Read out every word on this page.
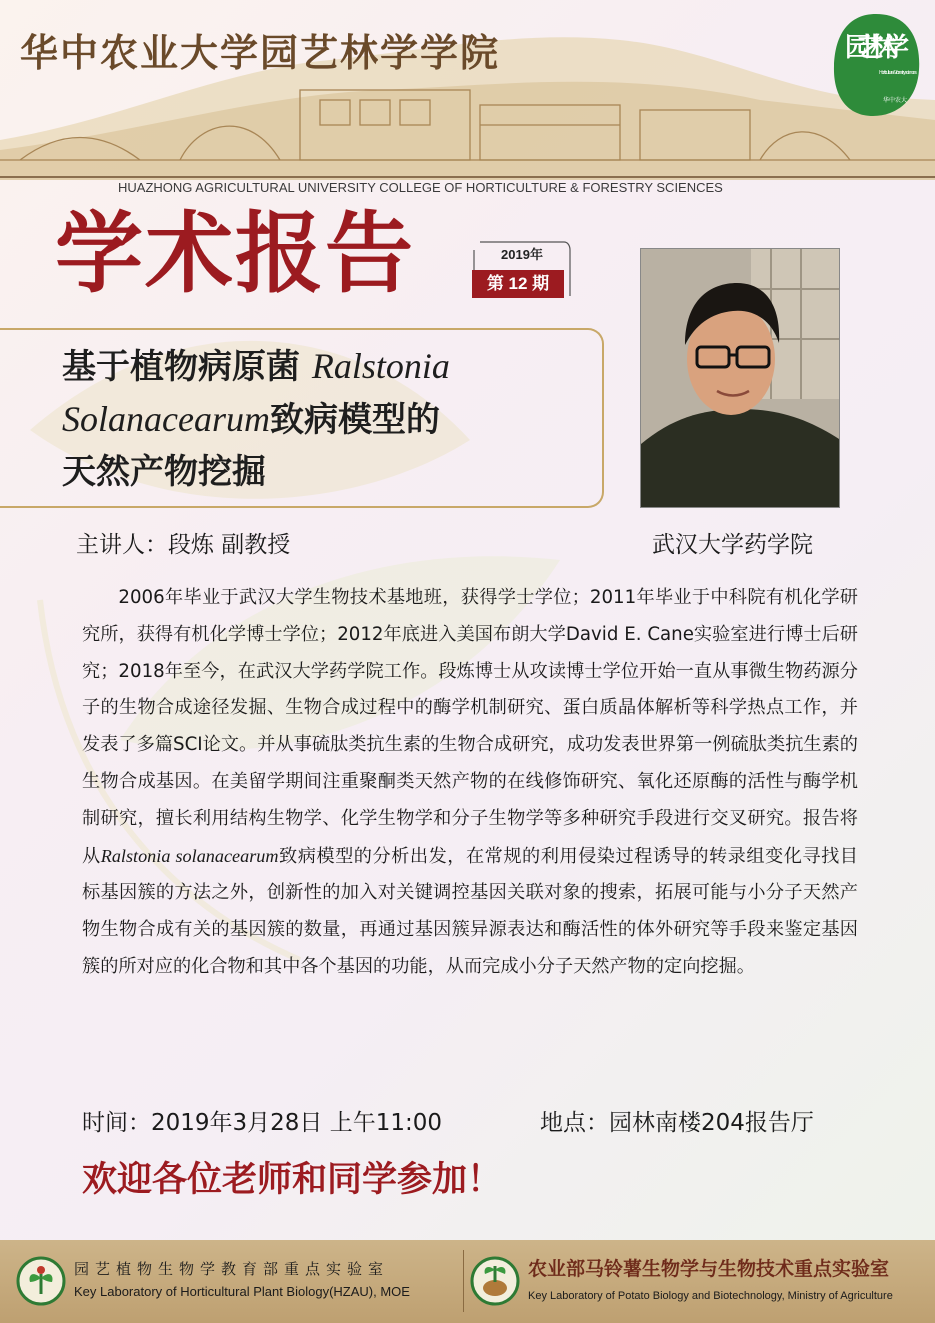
华中农业大学园艺林学学院	园艺林学
Horticulture & forestry sciences
华中农大
HUAZHONG AGRICULTURAL UNIVERSITY COLLEGE OF HORTICULTURE & FORESTRY SCIENCES
学术报告	2019年
第 12 期
基于植物病原菌 Ralstonia
Solanacearum致病模型的
天然产物挖掘
主讲人：段炼 副教授	武汉大学药学院
2006年毕业于武汉大学生物技术基地班，获得学士学位；2011年毕业于中科院有机化学研究所，获得有机化学博士学位；2012年底进入美国布朗大学David E. Cane实验室进行博士后研究；2018年至今，在武汉大学药学院工作。段炼博士从攻读博士学位开始一直从事微生物药源分子的生物合成途径发掘、生物合成过程中的酶学机制研究、蛋白质晶体解析等科学热点工作，并发表了多篇SCI论文。并从事硫肽类抗生素的生物合成研究，成功发表世界第一例硫肽类抗生素的生物合成基因。在美留学期间注重聚酮类天然产物的在线修饰研究、氧化还原酶的活性与酶学机制研究，擅长利用结构生物学、化学生物学和分子生物学等多种研究手段进行交叉研究。报告将从Ralstonia solanacearum致病模型的分析出发，在常规的利用侵染过程诱导的转录组变化寻找目标基因簇的方法之外，创新性的加入对关键调控基因关联对象的搜索，拓展可能与小分子天然产物生物合成有关的基因簇的数量，再通过基因簇异源表达和酶活性的体外研究等手段来鉴定基因簇的所对应的化合物和其中各个基因的功能，从而完成小分子天然产物的定向挖掘。
时间：2019年3月28日 上午11:00	地点：园林南楼204报告厅
欢迎各位老师和同学参加！
园艺植物生物学教育部重点实验室
Key Laboratory of Horticultural Plant Biology(HZAU), MOE
农业部马铃薯生物学与生物技术重点实验室
Key Laboratory of Potato Biology and Biotechnology, Ministry of Agriculture
